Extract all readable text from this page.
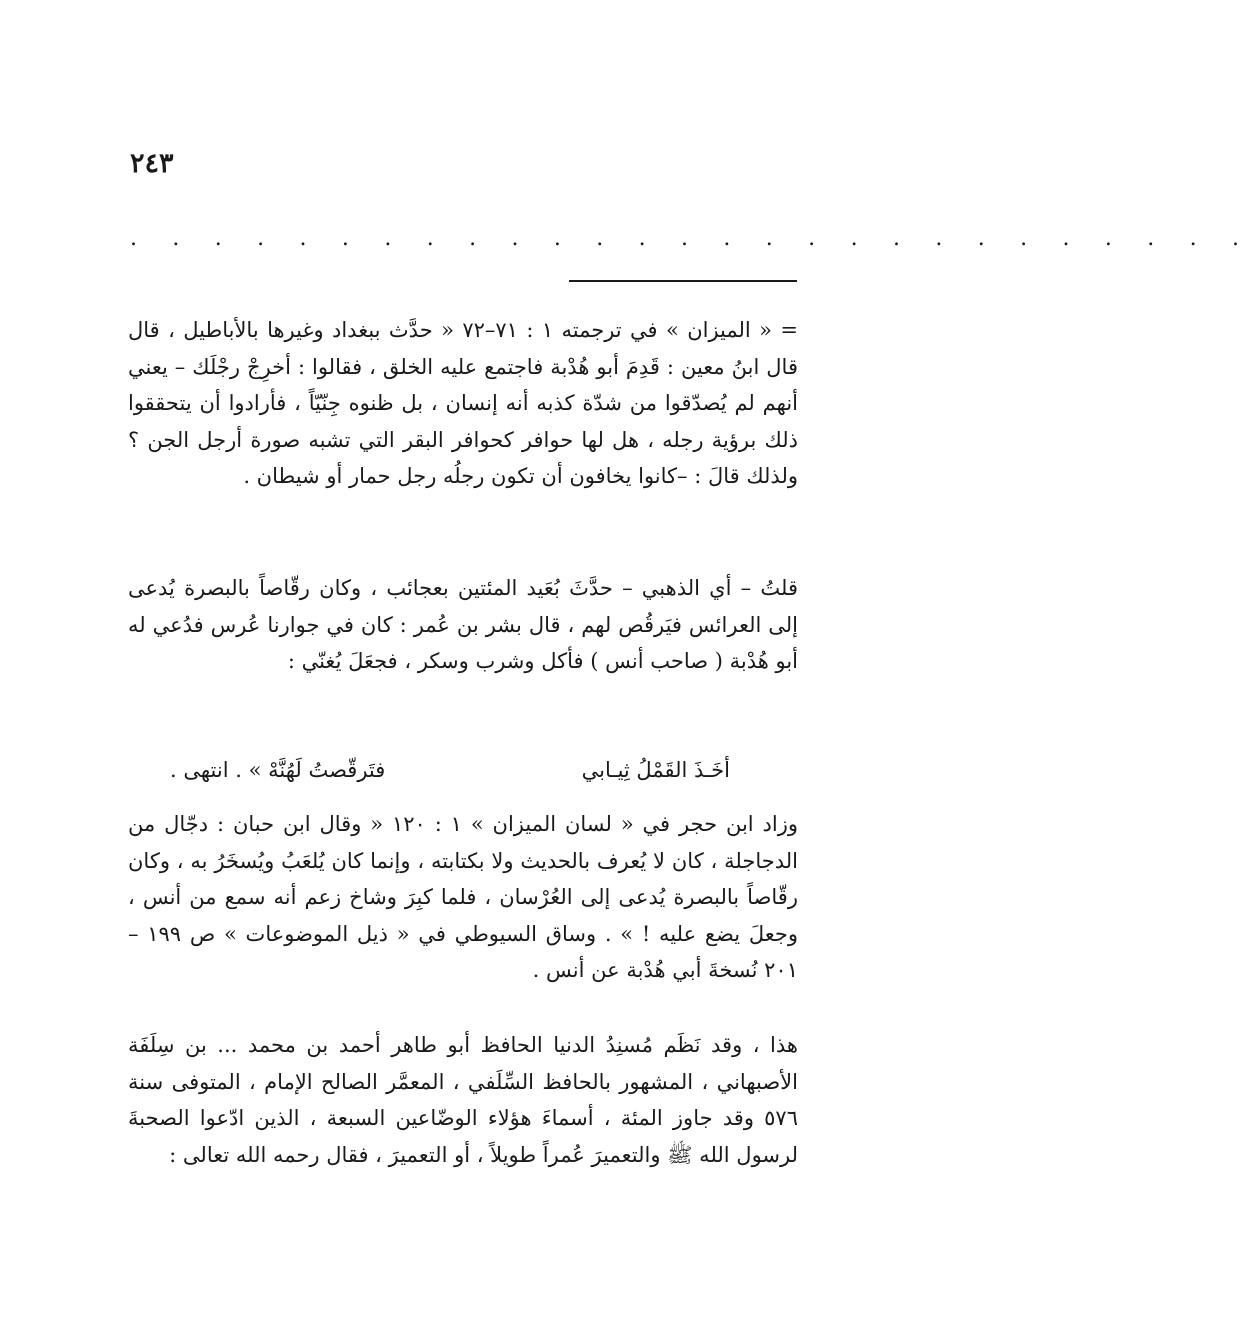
٢٤٣
. . . . . . . . . . . . . . . . . . . . . . . . . . .
= « الميزان » في ترجمته ١ : ٧١–٧٢ « حدَّث ببغداد وغيرها بالأباطيل ، قال قال ابنُ معين : قَدِمَ أبو هُدْبة فاجتمع عليه الخلق ، فقالوا : أخرِجْ رجْلَك – يعني أنهم لم يُصدّقوا من شدّة كذبه أنه إنسان ، بل ظنوه جِنّيّاً ، فأرادوا أن يتحققوا ذلك برؤية رجله ، هل لها حوافر كحوافر البقر التي تشبه صورة أرجل الجن ؟ ولذلك قالَ : –كانوا يخافون أن تكون رجلُه رجل حمار أو شيطان .
قلتُ – أي الذهبي – حدَّثَ بُعَيد المئتين بعجائب ، وكان رقّاصاً بالبصرة يُدعى إلى العرائس فيَرقُص لهم ، قال بشر بن عُمر : كان في جوارنا عُرس فدُعي له أبو هُدْبة ( صاحب أنس ) فأكل وشرب وسكر ، فجعَلَ يُغنّي :
أخَـذَ القَمْلُ ثِيـابي
فتَرقّصتُ لَهُنَّهْ » . انتهى .
وزاد ابن حجر في « لسان الميزان » ١ : ١٢٠ « وقال ابن حبان : دجّال من الدجاجلة ، كان لا يُعرف بالحديث ولا بكتابته ، وإنما كان يُلعَبُ ويُسخَرُ به ، وكان رقّاصاً بالبصرة يُدعى إلى العُرْسان ، فلما كبِرَ وشاخ زعم أنه سمع من أنس ، وجعلَ يضع عليه ! » . وساق السيوطي في « ذيل الموضوعات » ص ١٩٩ – ٢٠١ نُسخةَ أبي هُدْبة عن أنس .
هذا ، وقد نَظَم مُسنِدُ الدنيا الحافظ أبو طاهر أحمد بن محمد ... بن سِلَفَة الأصبهاني ، المشهور بالحافظ السِّلَفي ، المعمَّر الصالح الإمام ، المتوفى سنة ٥٧٦ وقد جاوز المئة ، أسماءَ هؤلاء الوضّاعين السبعة ، الذين ادّعوا الصحبةَ لرسول الله ﷺ والتعميرَ عُمراً طويلاً ، أو التعميرَ ، فقال رحمه الله تعالى :
